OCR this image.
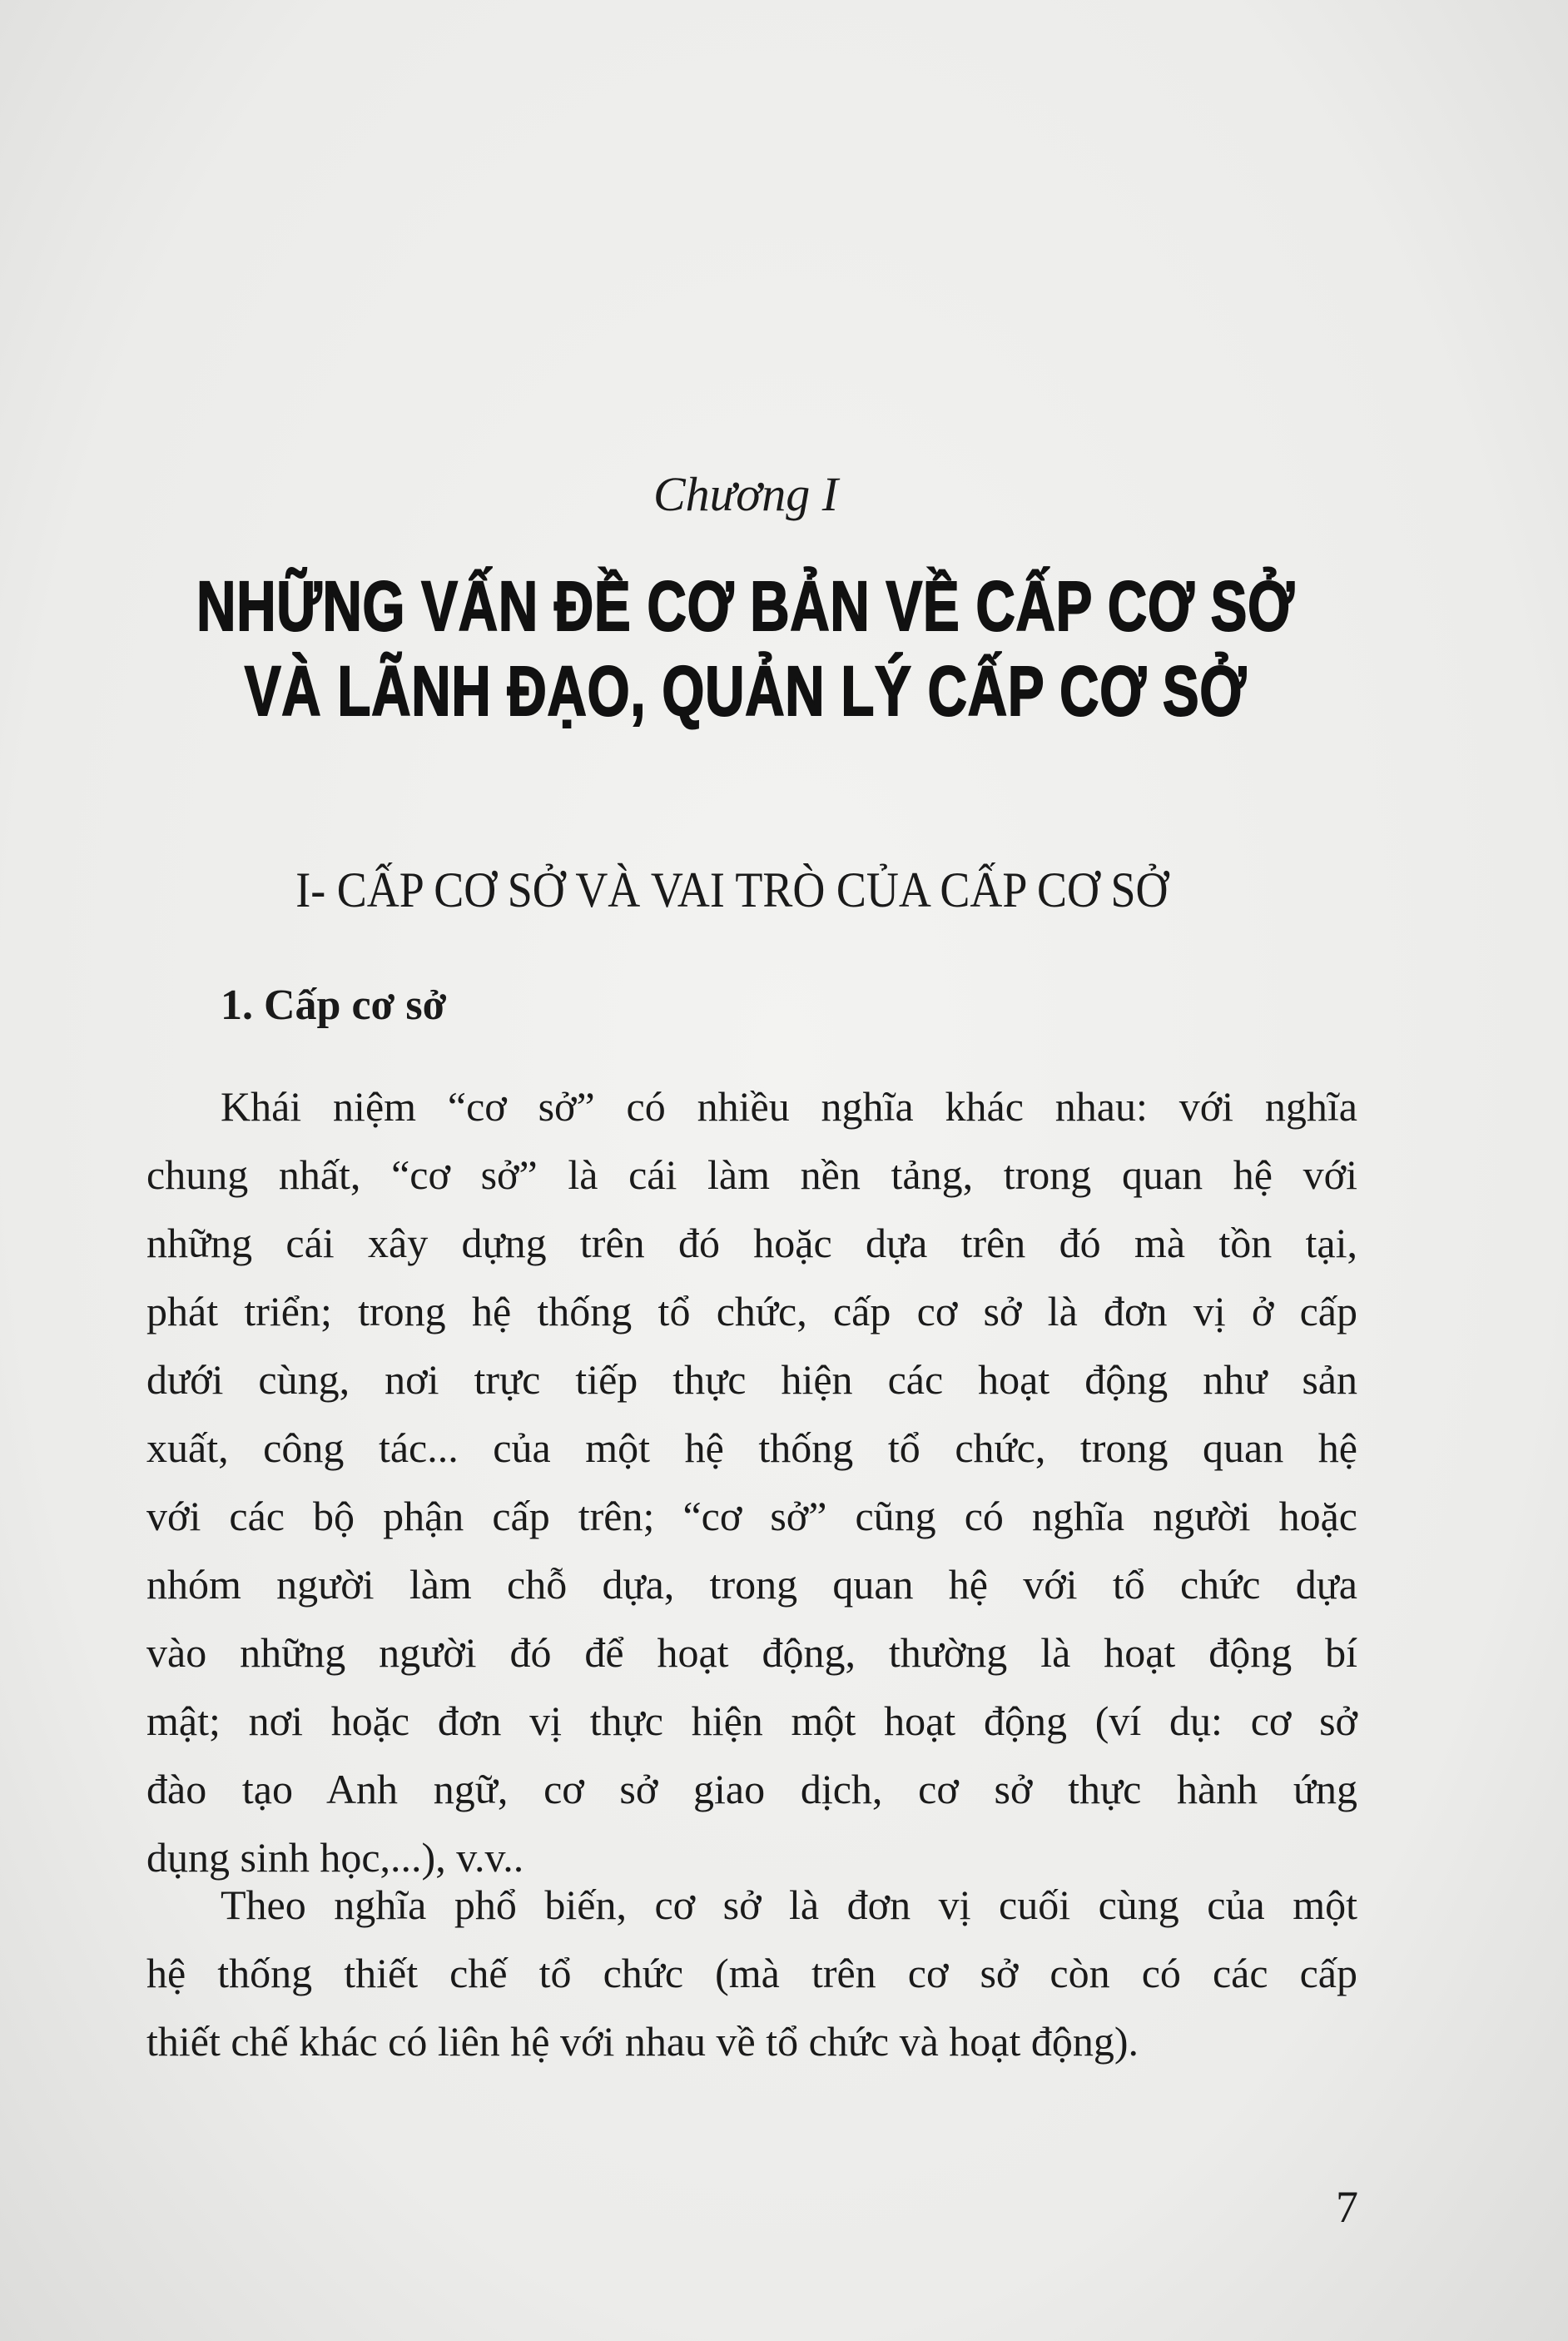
Chương I
NHỮNG VẤN ĐỀ CƠ BẢN VỀ CẤP CƠ SỞ
VÀ LÃNH ĐẠO, QUẢN LÝ CẤP CƠ SỞ
I- CẤP CƠ SỞ VÀ VAI TRÒ CỦA CẤP CƠ SỞ
1. Cấp cơ sở
Khái niệm “cơ sở” có nhiều nghĩa khác nhau: với nghĩa
chung nhất, “cơ sở” là cái làm nền tảng, trong quan hệ với
những cái xây dựng trên đó hoặc dựa trên đó mà tồn tại,
phát triển; trong hệ thống tổ chức, cấp cơ sở là đơn vị ở cấp
dưới cùng, nơi trực tiếp thực hiện các hoạt động như sản
xuất, công tác... của một hệ thống tổ chức, trong quan hệ
với các bộ phận cấp trên; “cơ sở” cũng có nghĩa người hoặc
nhóm người làm chỗ dựa, trong quan hệ với tổ chức dựa
vào những người đó để hoạt động, thường là hoạt động bí
mật; nơi hoặc đơn vị thực hiện một hoạt động (ví dụ: cơ sở
đào tạo Anh ngữ, cơ sở giao dịch, cơ sở thực hành ứng
dụng sinh học,...), v.v..
Theo nghĩa phổ biến, cơ sở là đơn vị cuối cùng của một
hệ thống thiết chế tổ chức (mà trên cơ sở còn có các cấp
thiết chế khác có liên hệ với nhau về tổ chức và hoạt động).
7
